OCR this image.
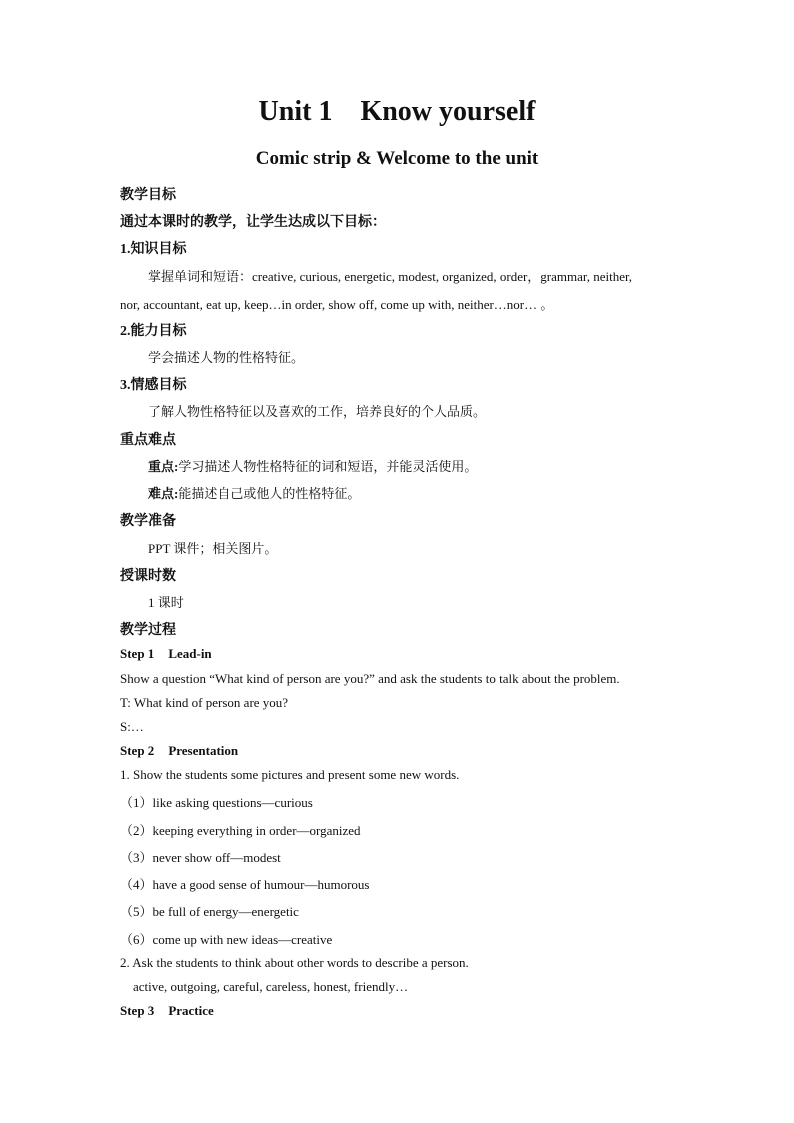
Unit 1 Know yourself
Comic strip & Welcome to the unit
教学目标
通过本课时的教学，让学生达成以下目标：
1.知识目标
掌握单词和短语：creative, curious, energetic, modest, organized, order，grammar, neither,
nor, accountant, eat up, keep…in order, show off, come up with, neither…nor… 。
2.能力目标
学会描述人物的性格特征。
3.情感目标
了解人物性格特征以及喜欢的工作，培养良好的个人品质。
重点难点
重点:学习描述人物性格特征的词和短语，并能灵活使用。
难点:能描述自己或他人的性格特征。
教学准备
PPT 课件；相关图片。
授课时数
1 课时
教学过程
Step 1 Lead-in
Show a question “What kind of person are you?” and ask the students to talk about the problem.
T: What kind of person are you?
S:…
Step 2 Presentation
1. Show the students some pictures and present some new words.
（1）like asking questions—curious
（2）keeping everything in order—organized
（3）never show off—modest
（4）have a good sense of humour—humorous
（5）be full of energy—energetic
（6）come up with new ideas—creative
2. Ask the students to think about other words to describe a person.
active, outgoing, careful, careless, honest, friendly…
Step 3 Practice
